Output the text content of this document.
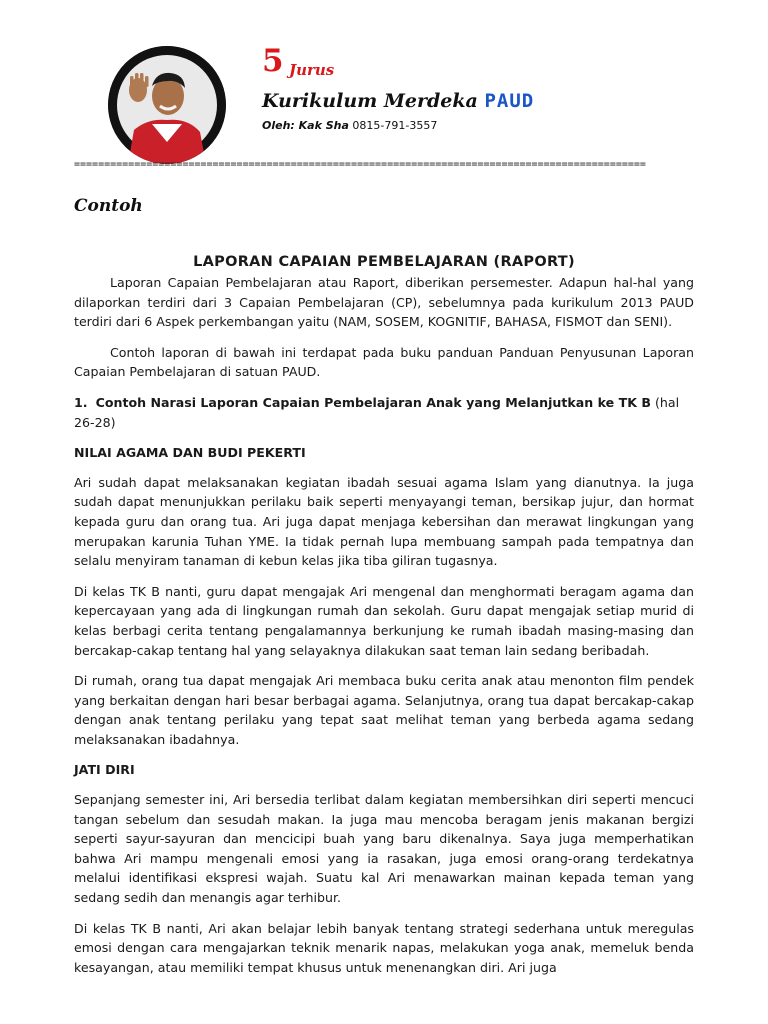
5 Jurus
Kurikulum Merdeka PAUD
Oleh: Kak Sha 0815-791-3557
===============================================================================================
Contoh
LAPORAN CAPAIAN PEMBELAJARAN (RAPORT)

Laporan Capaian Pembelajaran atau Raport, diberikan persemester. Adapun hal-hal yang dilaporkan terdiri dari 3 Capaian Pembelajaran (CP), sebelumnya pada kurikulum 2013 PAUD terdiri dari 6 Aspek perkembangan yaitu (NAM, SOSEM, KOGNITIF, BAHASA, FISMOT dan SENI).

Contoh laporan di bawah ini terdapat pada buku panduan Panduan Penyusunan Laporan Capaian Pembelajaran di satuan PAUD.

1. Contoh Narasi Laporan Capaian Pembelajaran Anak yang Melanjutkan ke TK B (hal 26-28)
NILAI AGAMA DAN BUDI PEKERTI

Ari sudah dapat melaksanakan kegiatan ibadah sesuai agama Islam yang dianutnya. Ia juga sudah dapat menunjukkan perilaku baik seperti menyayangi teman, bersikap jujur, dan hormat kepada guru dan orang tua. Ari juga dapat menjaga kebersihan dan merawat lingkungan yang merupakan karunia Tuhan YME. Ia tidak pernah lupa membuang sampah pada tempatnya dan selalu menyiram tanaman di kebun kelas jika tiba giliran tugasnya.

Di kelas TK B nanti, guru dapat mengajak Ari mengenal dan menghormati beragam agama dan kepercayaan yang ada di lingkungan rumah dan sekolah. Guru dapat mengajak setiap murid di kelas berbagi cerita tentang pengalamannya berkunjung ke rumah ibadah masing-masing dan bercakap-cakap tentang hal yang selayaknya dilakukan saat teman lain sedang beribadah.

Di rumah, orang tua dapat mengajak Ari membaca buku cerita anak atau menonton film pendek yang berkaitan dengan hari besar berbagai agama. Selanjutnya, orang tua dapat bercakap-cakap dengan anak tentang perilaku yang tepat saat melihat teman yang berbeda agama sedang melaksanakan ibadahnya.

JATI DIRI

Sepanjang semester ini, Ari bersedia terlibat dalam kegiatan membersihkan diri seperti mencuci tangan sebelum dan sesudah makan. Ia juga mau mencoba beragam jenis makanan bergizi seperti sayur-sayuran dan mencicipi buah yang baru dikenalnya. Saya juga memperhatikan bahwa Ari mampu mengenali emosi yang ia rasakan, juga emosi orang-orang terdekatnya melalui identifikasi ekspresi wajah. Suatu kal Ari menawarkan mainan kepada teman yang sedang sedih dan menangis agar terhibur.

Di kelas TK B nanti, Ari akan belajar lebih banyak tentang strategi sederhana untuk meregulas emosi dengan cara mengajarkan teknik menarik napas, melakukan yoga anak, memeluk benda kesayangan, atau memiliki tempat khusus untuk menenangkan diri. Ari juga
